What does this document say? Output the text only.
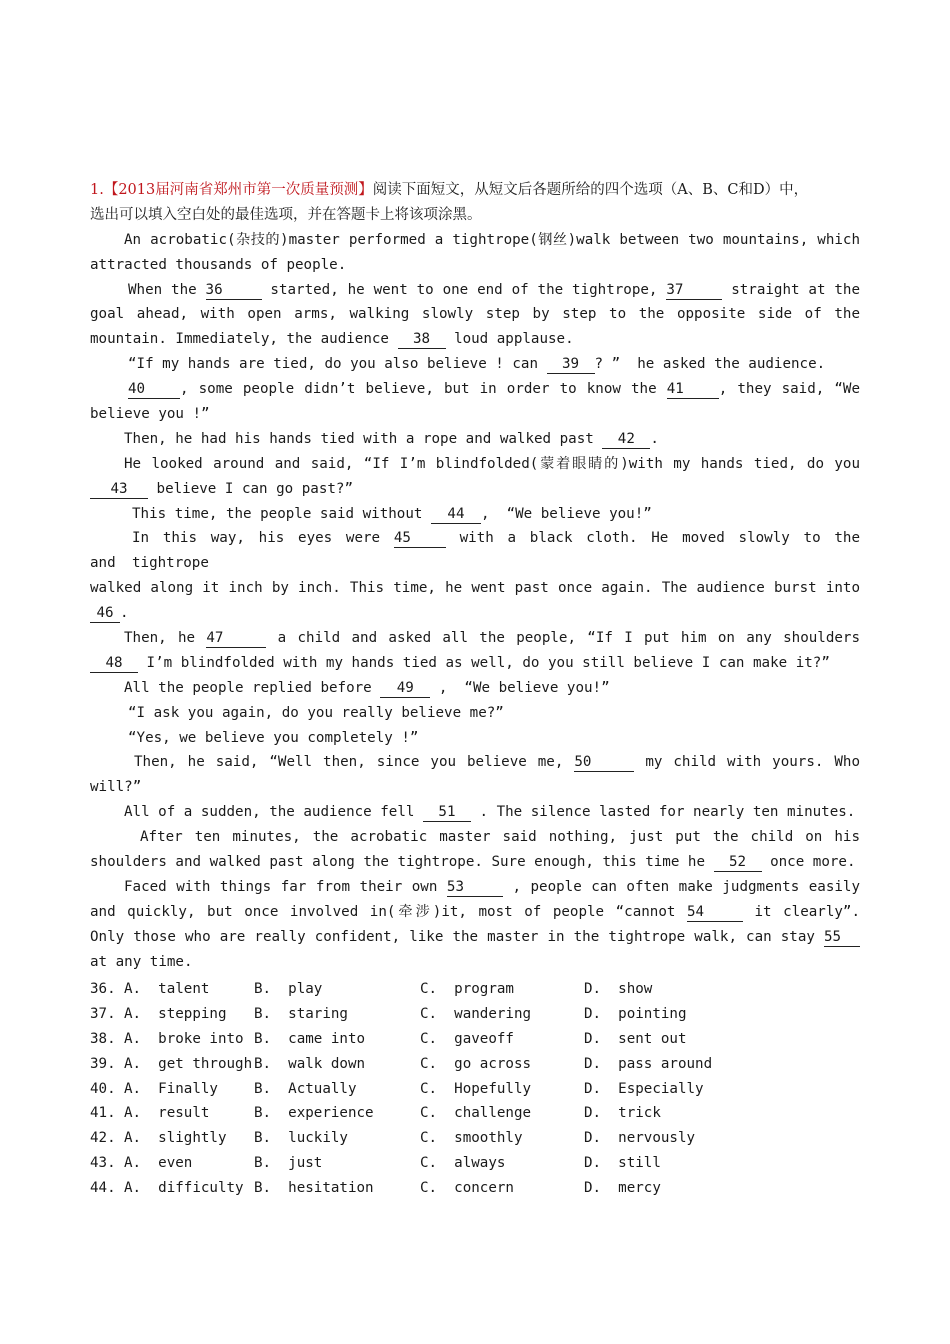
1.【2013届河南省郑州市第一次质量预测】阅读下面短文，从短文后各题所给的四个选项（A、B、C和D）中，
选出可以填入空白处的最佳选项，并在答题卡上将该项涂黑。
An acrobatic(杂技的)master performed a tightrope(钢丝)walk between two mountains, which
attracted thousands of people.
When the 36	started, he went to one end of the tightrope, 37	straight at the
goal ahead, with open arms, walking slowly step by step to the opposite side of the
mountain. Immediately, the audience 38 loud applause.
“If my hands are tied, do you also believe ! can 39 ? ”  he asked the audience.
40 , some people didn’t believe, but in order to know the 41 , they said, “We
believe you !”
Then, he had his hands tied with a rope and walked past 42 .
He looked around and said, “If I’m blindfolded(蒙着眼睛的)with my hands tied, do you
43 believe I can go past?”
This time, the people said without 44 ,  “We believe you!”
In this way, his eyes were 45	with a black cloth. He moved slowly to the tightrope
and
walked along it inch by inch. This time, he went past once again. The audience burst into
46 .
Then, he 47	a child and asked all the people, “If I put him on any shoulders
48 I’m blindfolded with my hands tied as well, do you still believe I can make it?”
All the people replied before 49 ,  “We believe you!”
“I ask you again, do you really believe me?”
“Yes, we believe you completely !”
Then, he said, “Well then, since you believe me, 50	my child with yours. Who
will?”
All of a sudden, the audience fell 51 . The silence lasted for nearly ten minutes.
After ten minutes, the acrobatic master said nothing, just put the child on his
shoulders and walked past along the tightrope. Sure enough, this time he 52 once more.
Faced with things far from their own 53	, people can often make judgments easily
and quickly, but once involved in(牵涉)it, most of people “cannot 54	it clearly”.
Only those who are really confident, like the master in the tightrope walk, can stay 55
at any time.
36. A.  talent	B.  play	C.  program	D.  show
37. A.  stepping B.  staring	C.  wandering	D.  pointing
38. A.  broke into B.  came into	C.  gaveoff	D.  sent out
39. A.  get through B.  walk down	C.  go across	D.  pass around
40. A.  Finally	B.  Actually	C.  Hopefully	D.  Especially
41. A.  result	B.  experience	C.  challenge	D.  trick
42. A.  slightly B.  luckily	C.  smoothly	D.  nervously
43. A.  even	B.  just	C.  always	D.  still
44. A.  difficulty B.  hesitation	C.  concern	D.  mercy
